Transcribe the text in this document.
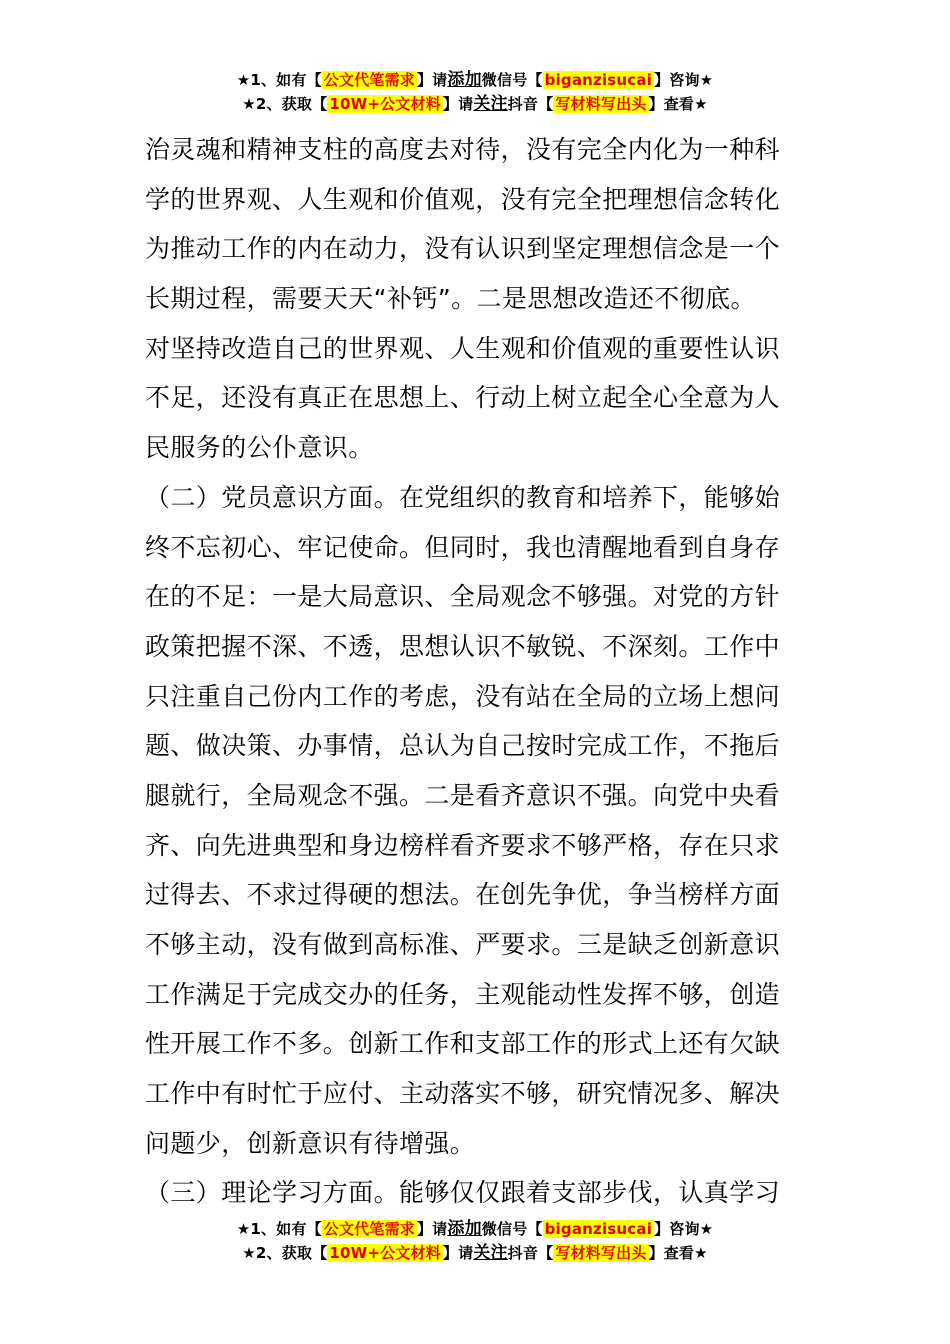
★1、如有【 公文代笔需求 】请添加微信号【 biganzisucai 】咨询★
★2、获取【 10W+公文材料 】请关注抖音【 写材料写出头 】查看★
治灵魂和精神支柱的高度去对待，没有完全内化为一种科
学的世界观、人生观和价值观，没有完全把理想信念转化
为推动工作的内在动力，没有认识到坚定理想信念是一个
长期过程，需要天天“补钙”。二是思想改造还不彻底。
对坚持改造自己的世界观、人生观和价值观的重要性认识
不足，还没有真正在思想上、行动上树立起全心全意为人
民服务的公仆意识。
（二）党员意识方面。在党组织的教育和培养下，能够始
终不忘初心、牢记使命。但同时，我也清醒地看到自身存
在的不足：一是大局意识、全局观念不够强。对党的方针
政策把握不深、不透，思想认识不敏锐、不深刻。工作中
只注重自己份内工作的考虑，没有站在全局的立场上想问
题、做决策、办事情，总认为自己按时完成工作，不拖后
腿就行，全局观念不强。二是看齐意识不强。向党中央看
齐、向先进典型和身边榜样看齐要求不够严格，存在只求
过得去、不求过得硬的想法。在创先争优，争当榜样方面
不够主动，没有做到高标准、严要求。三是缺乏创新意识
工作满足于完成交办的任务，主观能动性发挥不够，创造
性开展工作不多。创新工作和支部工作的形式上还有欠缺
工作中有时忙于应付、主动落实不够，研究情况多、解决
问题少，创新意识有待增强。
（三）理论学习方面。能够仅仅跟着支部步伐，认真学习
★1、如有【 公文代笔需求 】请添加微信号【 biganzisucai 】咨询★
★2、获取【 10W+公文材料 】请关注抖音【 写材料写出头 】查看★
